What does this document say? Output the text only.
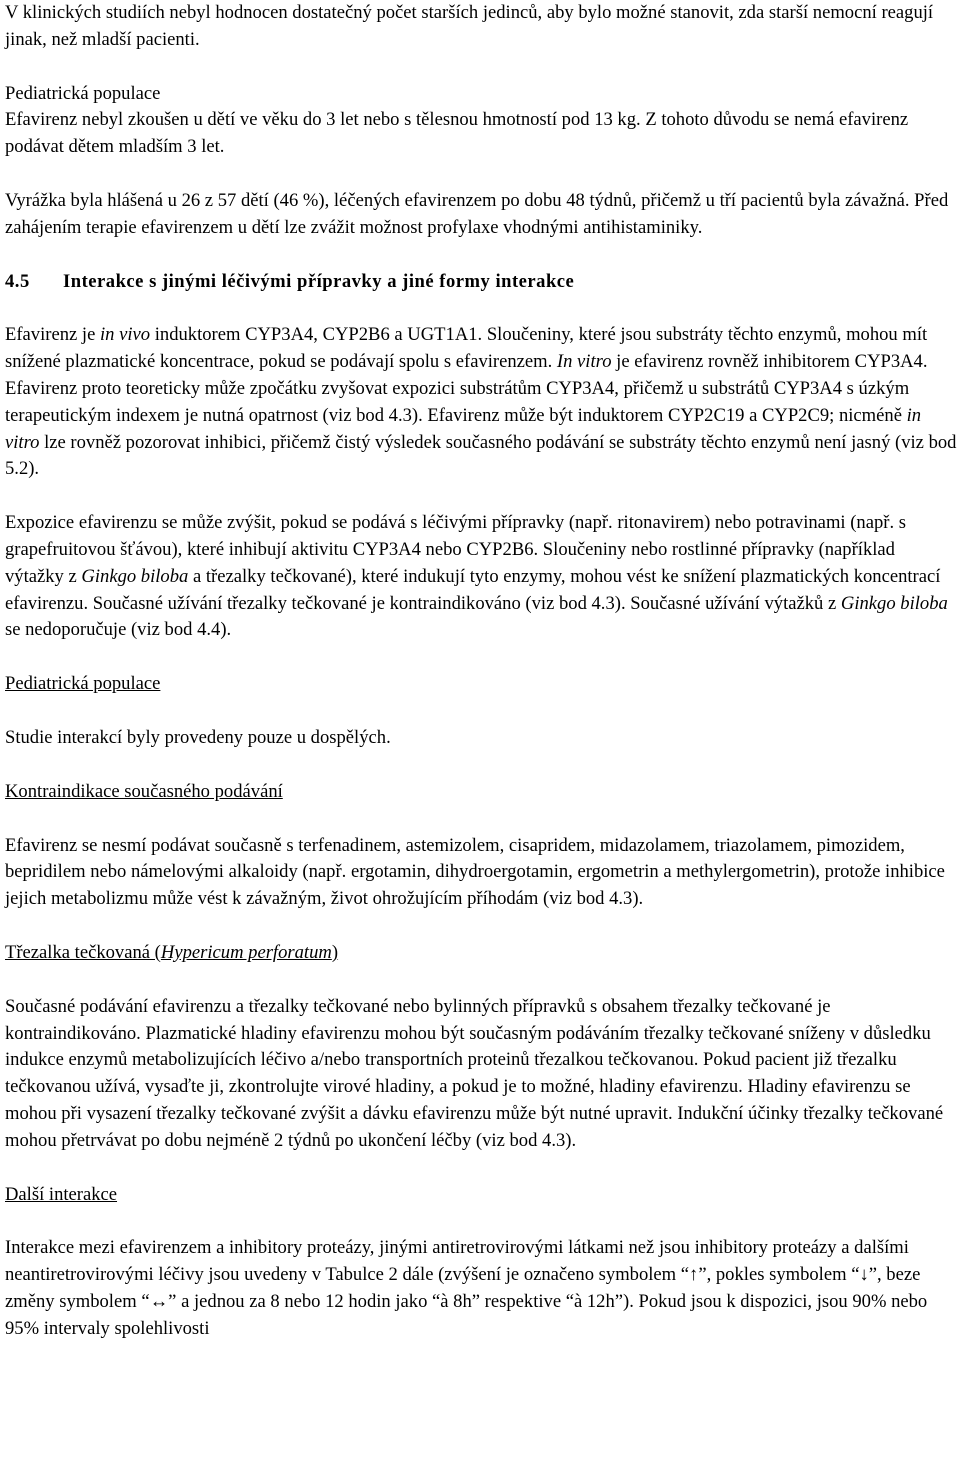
V klinických studiích nebyl hodnocen dostatečný počet starších jedinců, aby bylo možné stanovit, zda starší nemocní reagují jinak, než mladší pacienti.

Pediatrická populace

Efavirenz nebyl zkoušen u dětí ve věku do 3 let nebo s tělesnou hmotností pod 13 kg. Z tohoto důvodu se nemá efavirenz podávat dětem mladším 3 let.

Vyrážka byla hlášená u 26 z 57 dětí (46 %), léčených efavirenzem po dobu 48 týdnů, přičemž u tří pacientů byla závažná. Před zahájením terapie efavirenzem u dětí lze zvážit možnost profylaxe vhodnými antihistaminiky.

4.5 Interakce s jinými léčivými přípravky a jiné formy interakce

Efavirenz je in vivo induktorem CYP3A4, CYP2B6 a UGT1A1. Sloučeniny, které jsou substráty těchto enzymů, mohou mít snížené plazmatické koncentrace, pokud se podávají spolu s efavirenzem. In vitro je efavirenz rovněž inhibitorem CYP3A4. Efavirenz proto teoreticky může zpočátku zvyšovat expozici substrátům CYP3A4, přičemž u substrátů CYP3A4 s úzkým terapeutickým indexem je nutná opatrnost (viz bod 4.3). Efavirenz může být induktorem CYP2C19 a CYP2C9; nicméně in vitro lze rovněž pozorovat inhibici, přičemž čistý výsledek současného podávání se substráty těchto enzymů není jasný (viz bod 5.2).

Expozice efavirenzu se může zvýšit, pokud se podává s léčivými přípravky (např. ritonavirem) nebo potravinami (např. s grapefruitovou šťávou), které inhibují aktivitu CYP3A4 nebo CYP2B6. Sloučeniny nebo rostlinné přípravky (například výtažky z Ginkgo biloba a třezalky tečkované), které indukují tyto enzymy, mohou vést ke snížení plazmatických koncentrací efavirenzu. Současné užívání třezalky tečkované je kontraindikováno (viz bod 4.3). Současné užívání výtažků z Ginkgo biloba se nedoporučuje (viz bod 4.4).

Pediatrická populace

Studie interakcí byly provedeny pouze u dospělých.

Kontraindikace současného podávání

Efavirenz se nesmí podávat současně s terfenadinem, astemizolem, cisapridem, midazolamem, triazolamem, pimozidem, bepridilem nebo námelovými alkaloidy (např. ergotamin, dihydroergotamin, ergometrin a methylergometrin), protože inhibice jejich metabolizmu může vést k závažným, život ohrožujícím příhodám (viz bod 4.3).

Třezalka tečkovaná (Hypericum perforatum)

Současné podávání efavirenzu a třezalky tečkované nebo bylinných přípravků s obsahem třezalky tečkované je kontraindikováno. Plazmatické hladiny efavirenzu mohou být současným podáváním třezalky tečkované sníženy v důsledku indukce enzymů metabolizujících léčivo a/nebo transportních proteinů třezalkou tečkovanou. Pokud pacient již třezalku tečkovanou užívá, vysaďte ji, zkontrolujte virové hladiny, a pokud je to možné, hladiny efavirenzu. Hladiny efavirenzu se mohou při vysazení třezalky tečkované zvýšit a dávku efavirenzu může být nutné upravit. Indukční účinky třezalky tečkované mohou přetrvávat po dobu nejméně 2 týdnů po ukončení léčby (viz bod 4.3).

Další interakce

Interakce mezi efavirenzem a inhibitory proteázy, jinými antiretrovirovými látkami než jsou inhibitory proteázy a dalšími neantiretrovirovými léčivy jsou uvedeny v Tabulce 2 dále (zvýšení je označeno symbolem “↑”, pokles symbolem “↓”, beze změny symbolem “↔” a jednou za 8 nebo 12 hodin jako “à 8h” respektive “à 12h”). Pokud jsou k dispozici, jsou 90% nebo 95% intervaly spolehlivosti
